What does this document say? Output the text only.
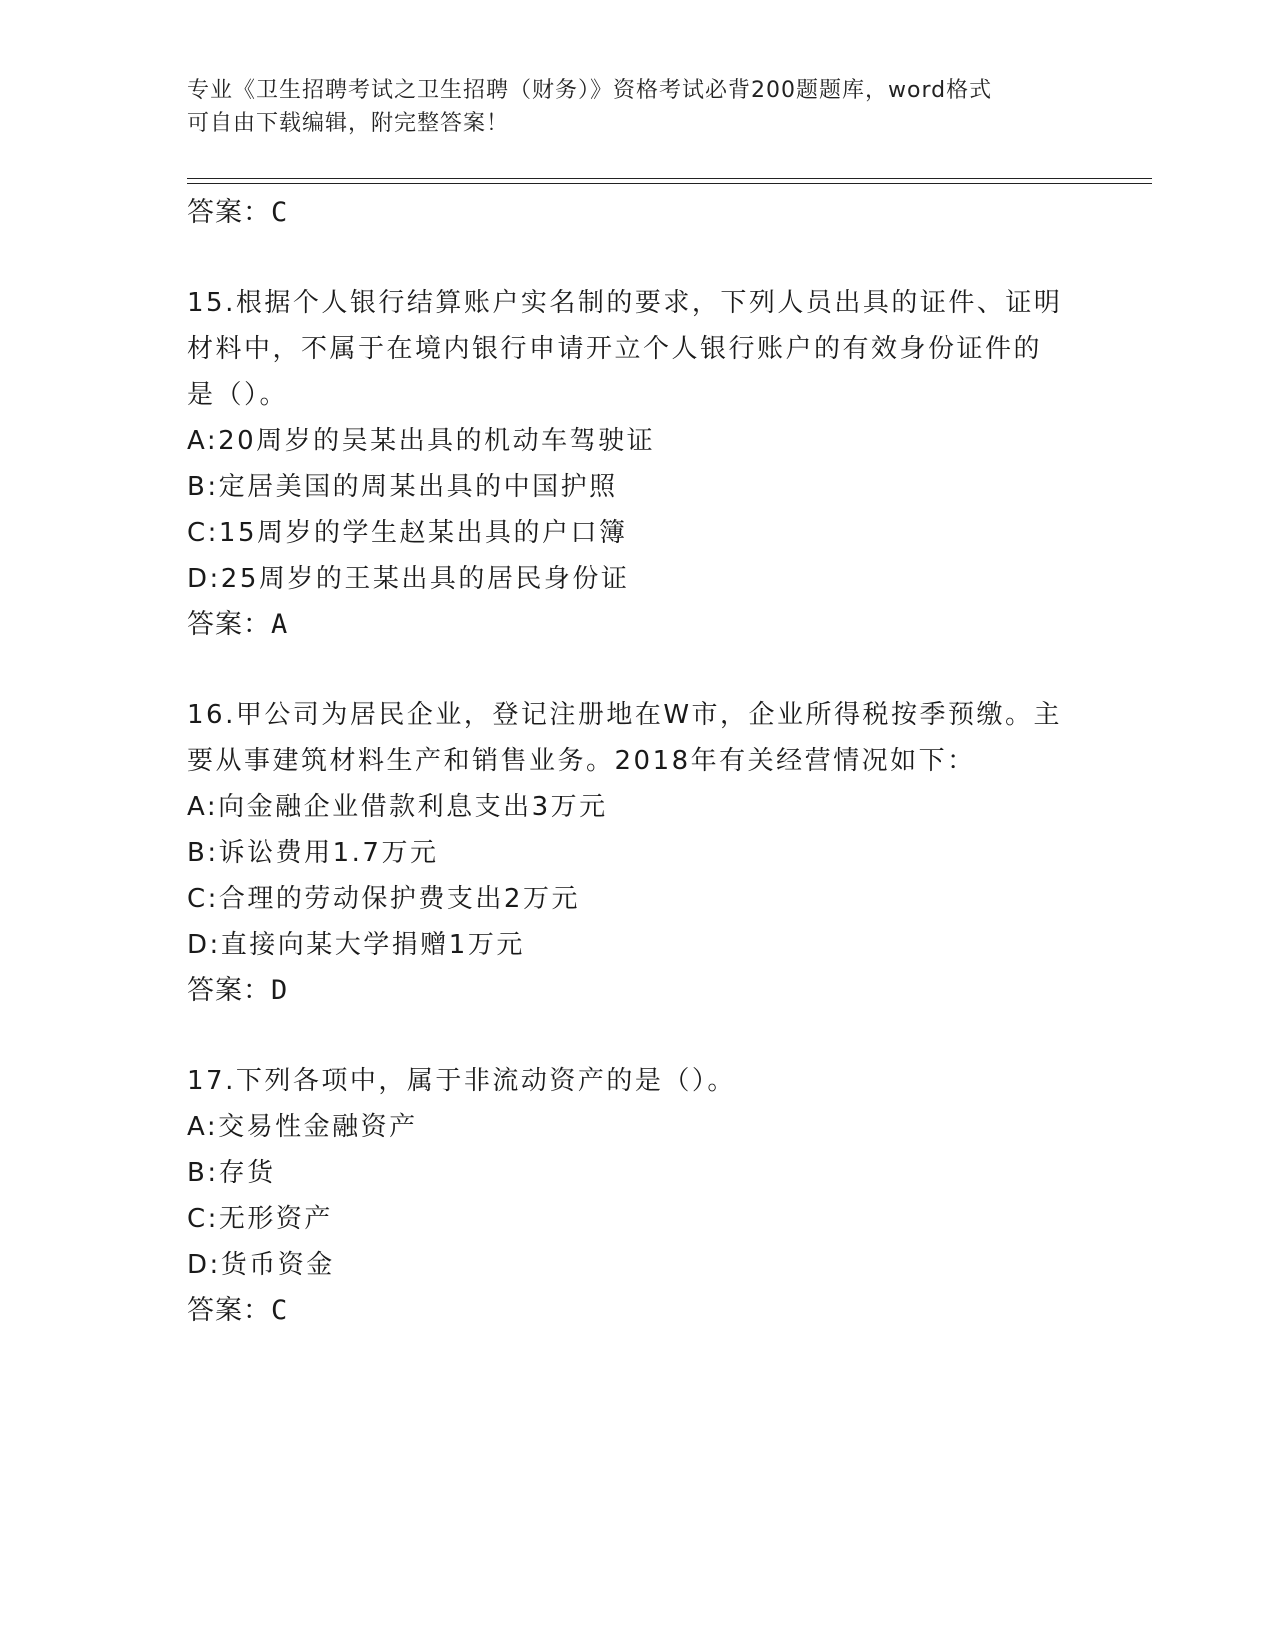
专业《卫生招聘考试之卫生招聘（财务）》资格考试必背200题题库，word格式
可自由下载编辑，附完整答案！
答案：C
15.根据个人银行结算账户实名制的要求，下列人员出具的证件、证明
材料中，不属于在境内银行申请开立个人银行账户的有效身份证件的
是（）。
A:20周岁的吴某出具的机动车驾驶证
B:定居美国的周某出具的中国护照
C:15周岁的学生赵某出具的户口簿
D:25周岁的王某出具的居民身份证
答案：A
16.甲公司为居民企业，登记注册地在W市，企业所得税按季预缴。主
要从事建筑材料生产和销售业务。2018年有关经营情况如下：
A:向金融企业借款利息支出3万元
B:诉讼费用1.7万元
C:合理的劳动保护费支出2万元
D:直接向某大学捐赠1万元
答案：D
17.下列各项中，属于非流动资产的是（）。
A:交易性金融资产
B:存货
C:无形资产
D:货币资金
答案：C
